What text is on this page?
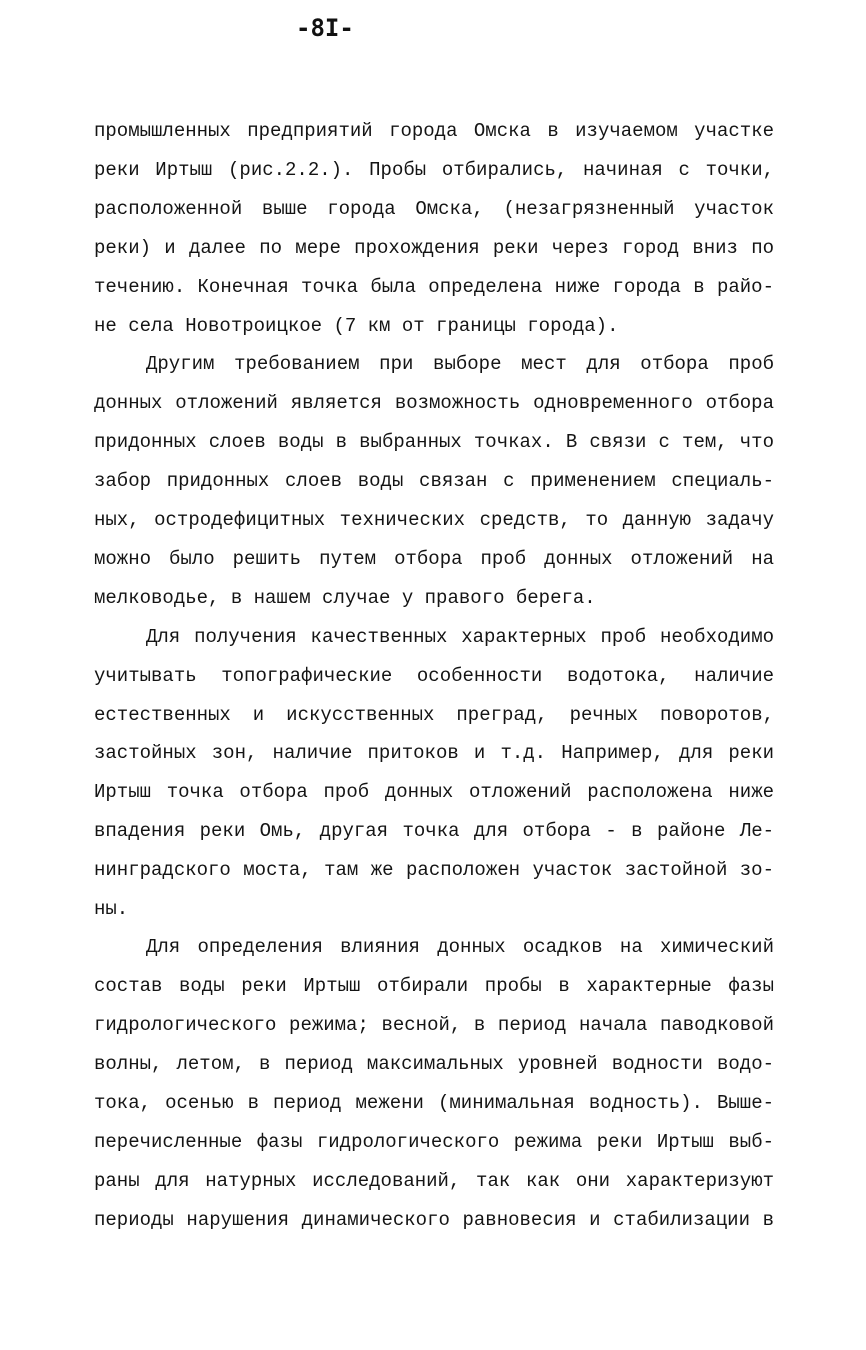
-8I-
промышленных предприятий города Омска в изучаемом участке
реки Иртыш (рис.2.2.). Пробы отбирались, начиная с точки,
расположенной выше города Омска, (незагрязненный участок
реки) и далее по мере прохождения реки через город вниз по
течению. Конечная точка была определена ниже города в райо-
не села Новотроицкое (7 км от границы города).
Другим требованием при выборе мест для отбора проб
донных отложений является возможность одновременного отбора
придонных слоев воды в выбранных точках. В связи с тем, что
забор придонных слоев воды связан с применением специаль-
ных, остродефицитных технических средств, то данную задачу
можно было решить путем отбора проб донных отложений на
мелководье, в нашем случае у правого берега.
Для получения качественных характерных проб необходимо
учитывать топографические особенности водотока, наличие
естественных и искусственных преград, речных поворотов,
застойных зон, наличие притоков и т.д. Например, для реки
Иртыш точка отбора проб донных отложений расположена ниже
впадения реки Омь, другая точка для отбора - в районе Ле-
нинградского моста, там же расположен участок застойной зо-
ны.
Для определения влияния донных осадков на химический
состав воды реки Иртыш отбирали пробы в характерные фазы
гидрологического режима; весной, в период начала паводковой
волны, летом, в период максимальных уровней водности водо-
тока, осенью в период межени (минимальная водность). Выше-
перечисленные фазы гидрологического режима реки Иртыш выб-
раны для натурных исследований, так как они характеризуют
периоды нарушения динамического равновесия и стабилизации в
